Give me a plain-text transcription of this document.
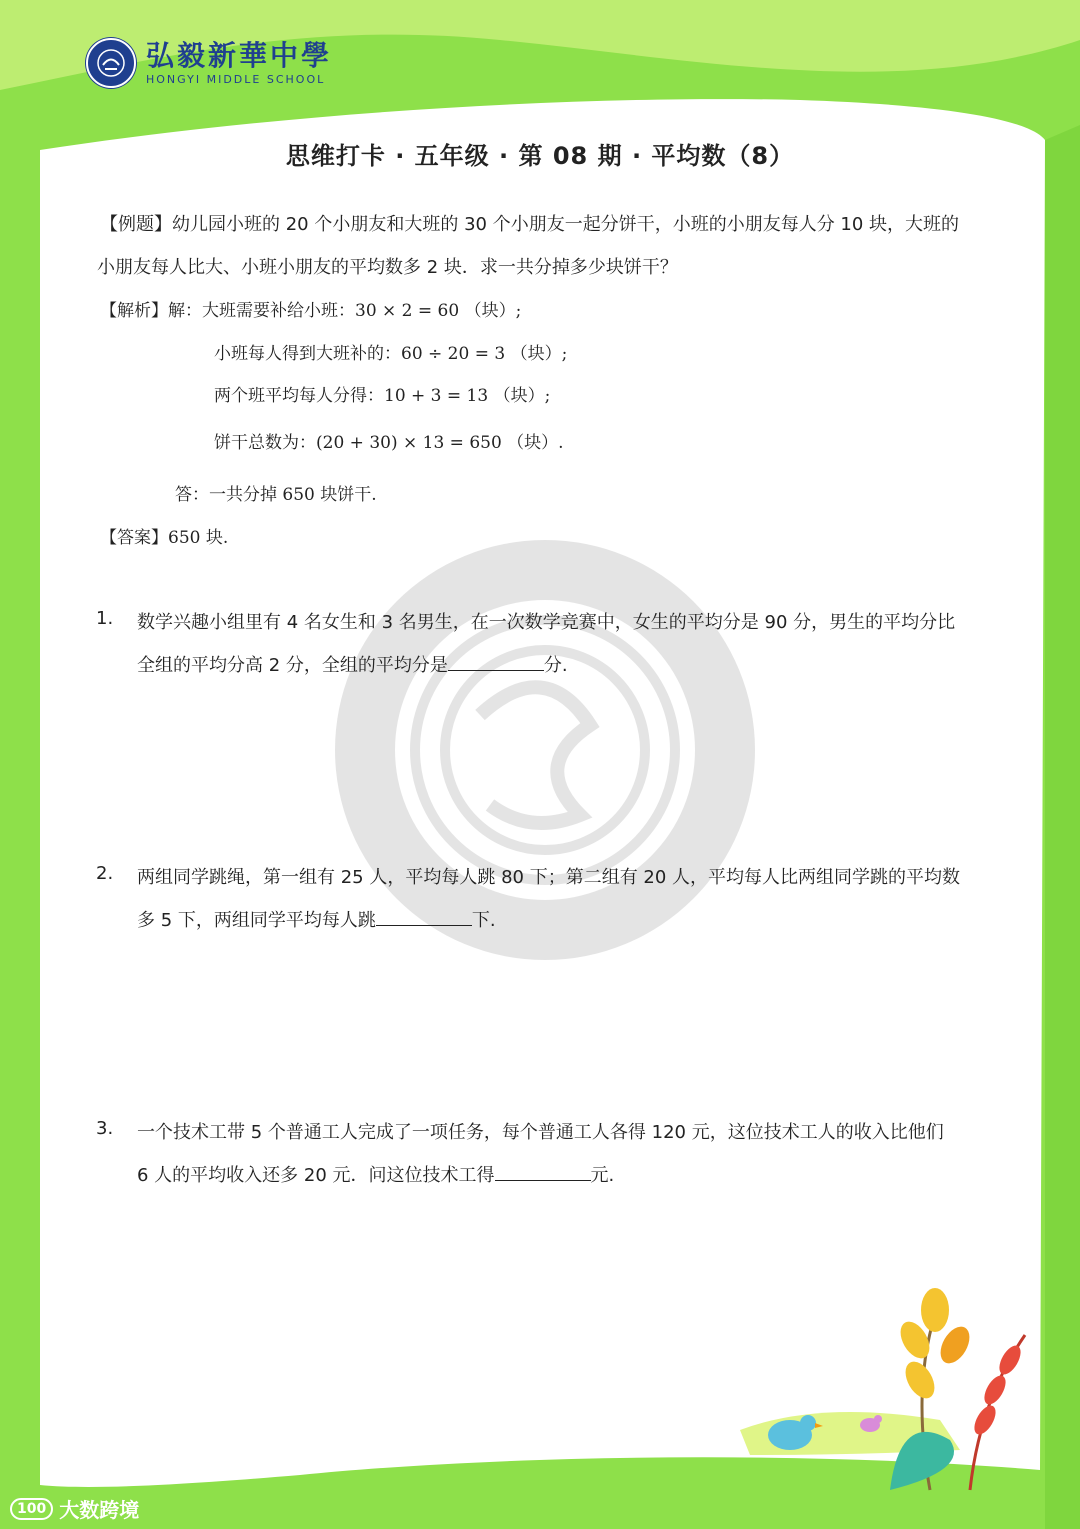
弘毅新華中學
HONGYI MIDDLE SCHOOL
思维打卡 · 五年级 · 第 08 期 · 平均数（8）
【例题】幼儿园小班的 20 个小朋友和大班的 30 个小朋友一起分饼干，小班的小朋友每人分 10 块，大班的
小朋友每人比大、小班小朋友的平均数多 2 块．求一共分掉多少块饼干？
【解析】解：大班需要补给小班：30 × 2 = 60 （块）;
小班每人得到大班补的：60 ÷ 20 = 3 （块）;
两个班平均每人分得：10 + 3 = 13 （块）;
饼干总数为：(20 + 30) × 13 = 650 （块）.
答：一共分掉 650 块饼干.
【答案】650 块.
1. 数学兴趣小组里有 4 名女生和 3 名男生，在一次数学竞赛中，女生的平均分是 90 分，男生的平均分比
全组的平均分高 2 分，全组的平均分是	分.
2. 两组同学跳绳，第一组有 25 人，平均每人跳 80 下；第二组有 20 人，平均每人比两组同学跳的平均数
多 5 下，两组同学平均每人跳	下.
3. 一个技术工带 5 个普通工人完成了一项任务，每个普通工人各得 120 元，这位技术工人的收入比他们
6 人的平均收入还多 20 元．问这位技术工得	元.
100 大数跨境
